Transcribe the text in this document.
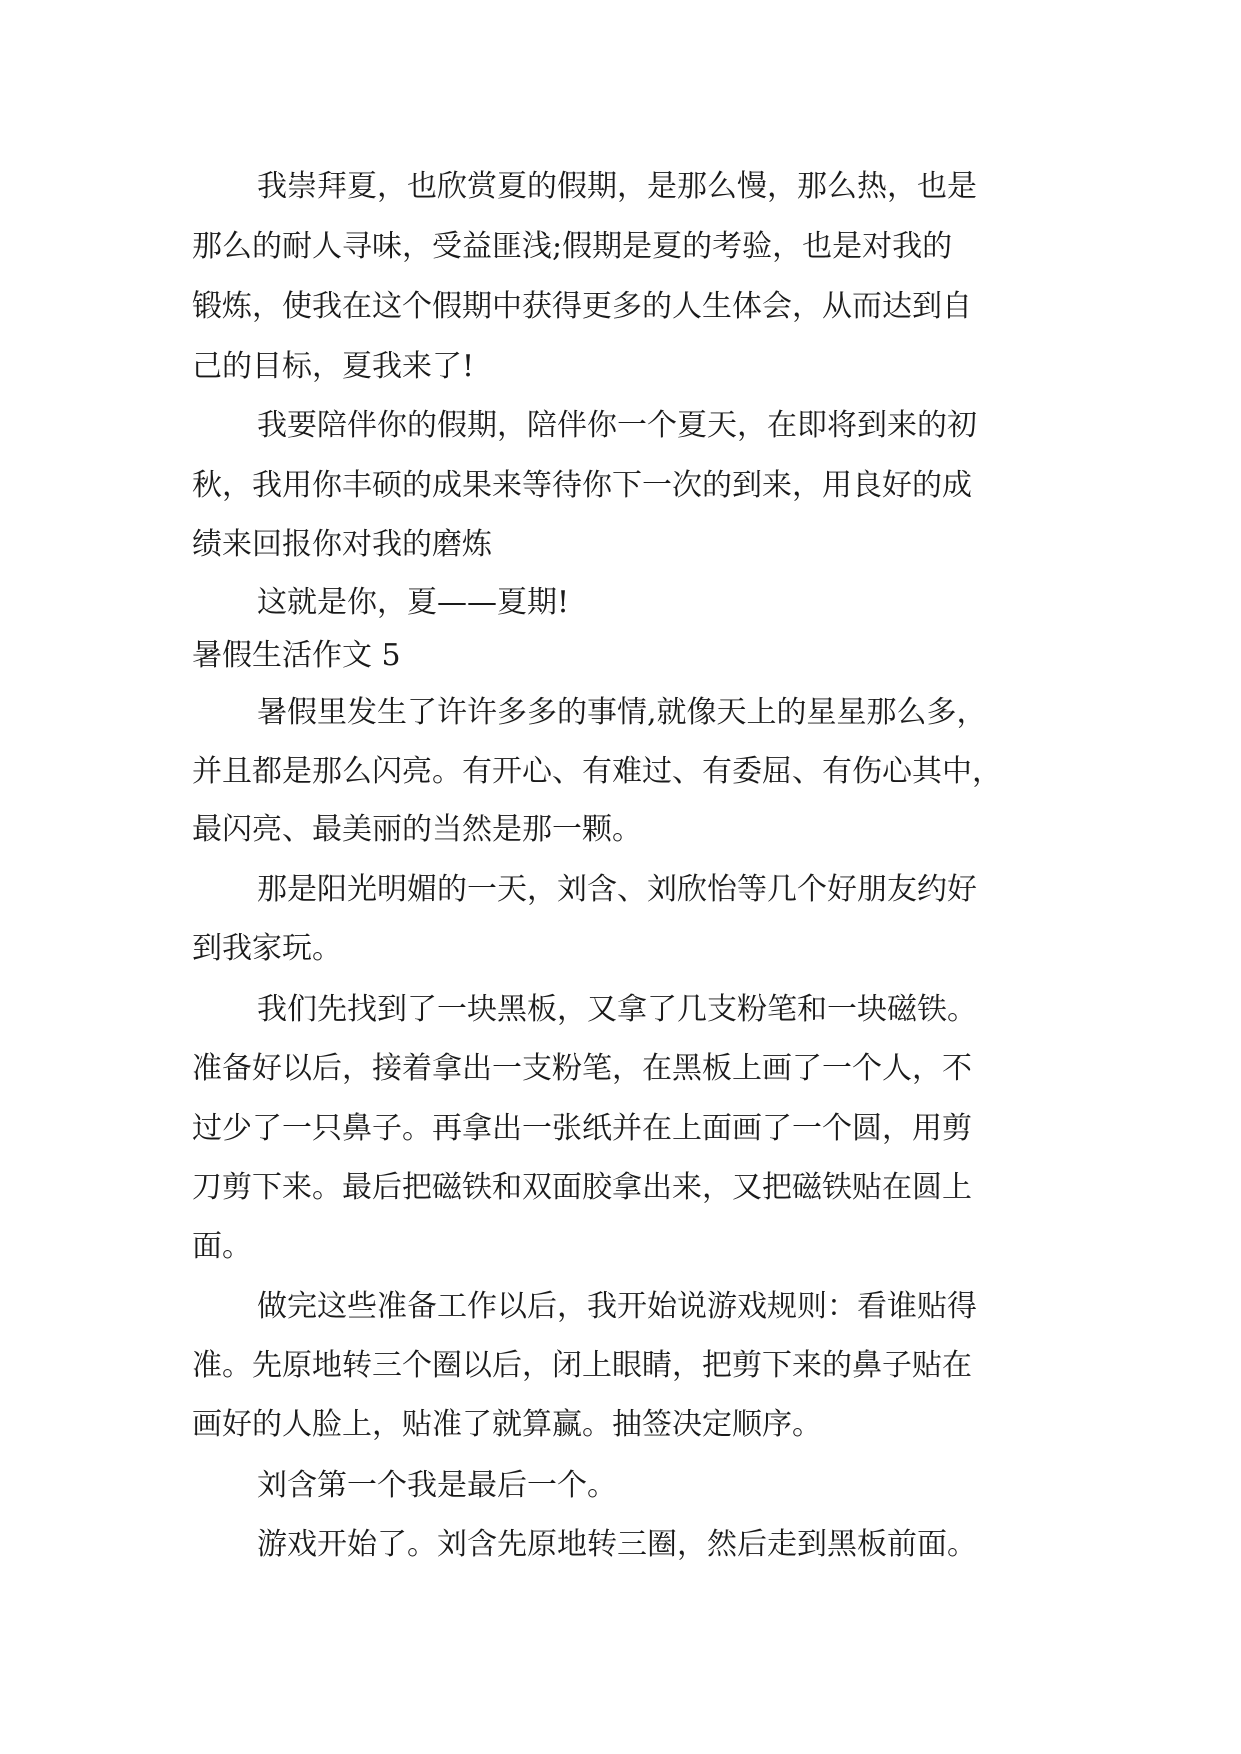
我崇拜夏，也欣赏夏的假期，是那么慢，那么热，也是

那么的耐人寻味，受益匪浅;假期是夏的考验，也是对我的

锻炼，使我在这个假期中获得更多的人生体会，从而达到自

己的目标，夏我来了!

我要陪伴你的假期，陪伴你一个夏天，在即将到来的初

秋，我用你丰硕的成果来等待你下一次的到来，用良好的成

绩来回报你对我的磨炼

这就是你，夏——夏期!

暑假生活作文 5

暑假里发生了许许多多的事情,就像天上的星星那么多，

并且都是那么闪亮。有开心、有难过、有委屈、有伤心其中，

最闪亮、最美丽的当然是那一颗。

那是阳光明媚的一天，刘含、刘欣怡等几个好朋友约好

到我家玩。

我们先找到了一块黑板，又拿了几支粉笔和一块磁铁。

准备好以后，接着拿出一支粉笔，在黑板上画了一个人，不

过少了一只鼻子。再拿出一张纸并在上面画了一个圆，用剪

刀剪下来。最后把磁铁和双面胶拿出来，又把磁铁贴在圆上

面。

做完这些准备工作以后，我开始说游戏规则：看谁贴得

准。先原地转三个圈以后，闭上眼睛，把剪下来的鼻子贴在

画好的人脸上，贴准了就算赢。抽签决定顺序。

刘含第一个我是最后一个。

游戏开始了。刘含先原地转三圈，然后走到黑板前面。
